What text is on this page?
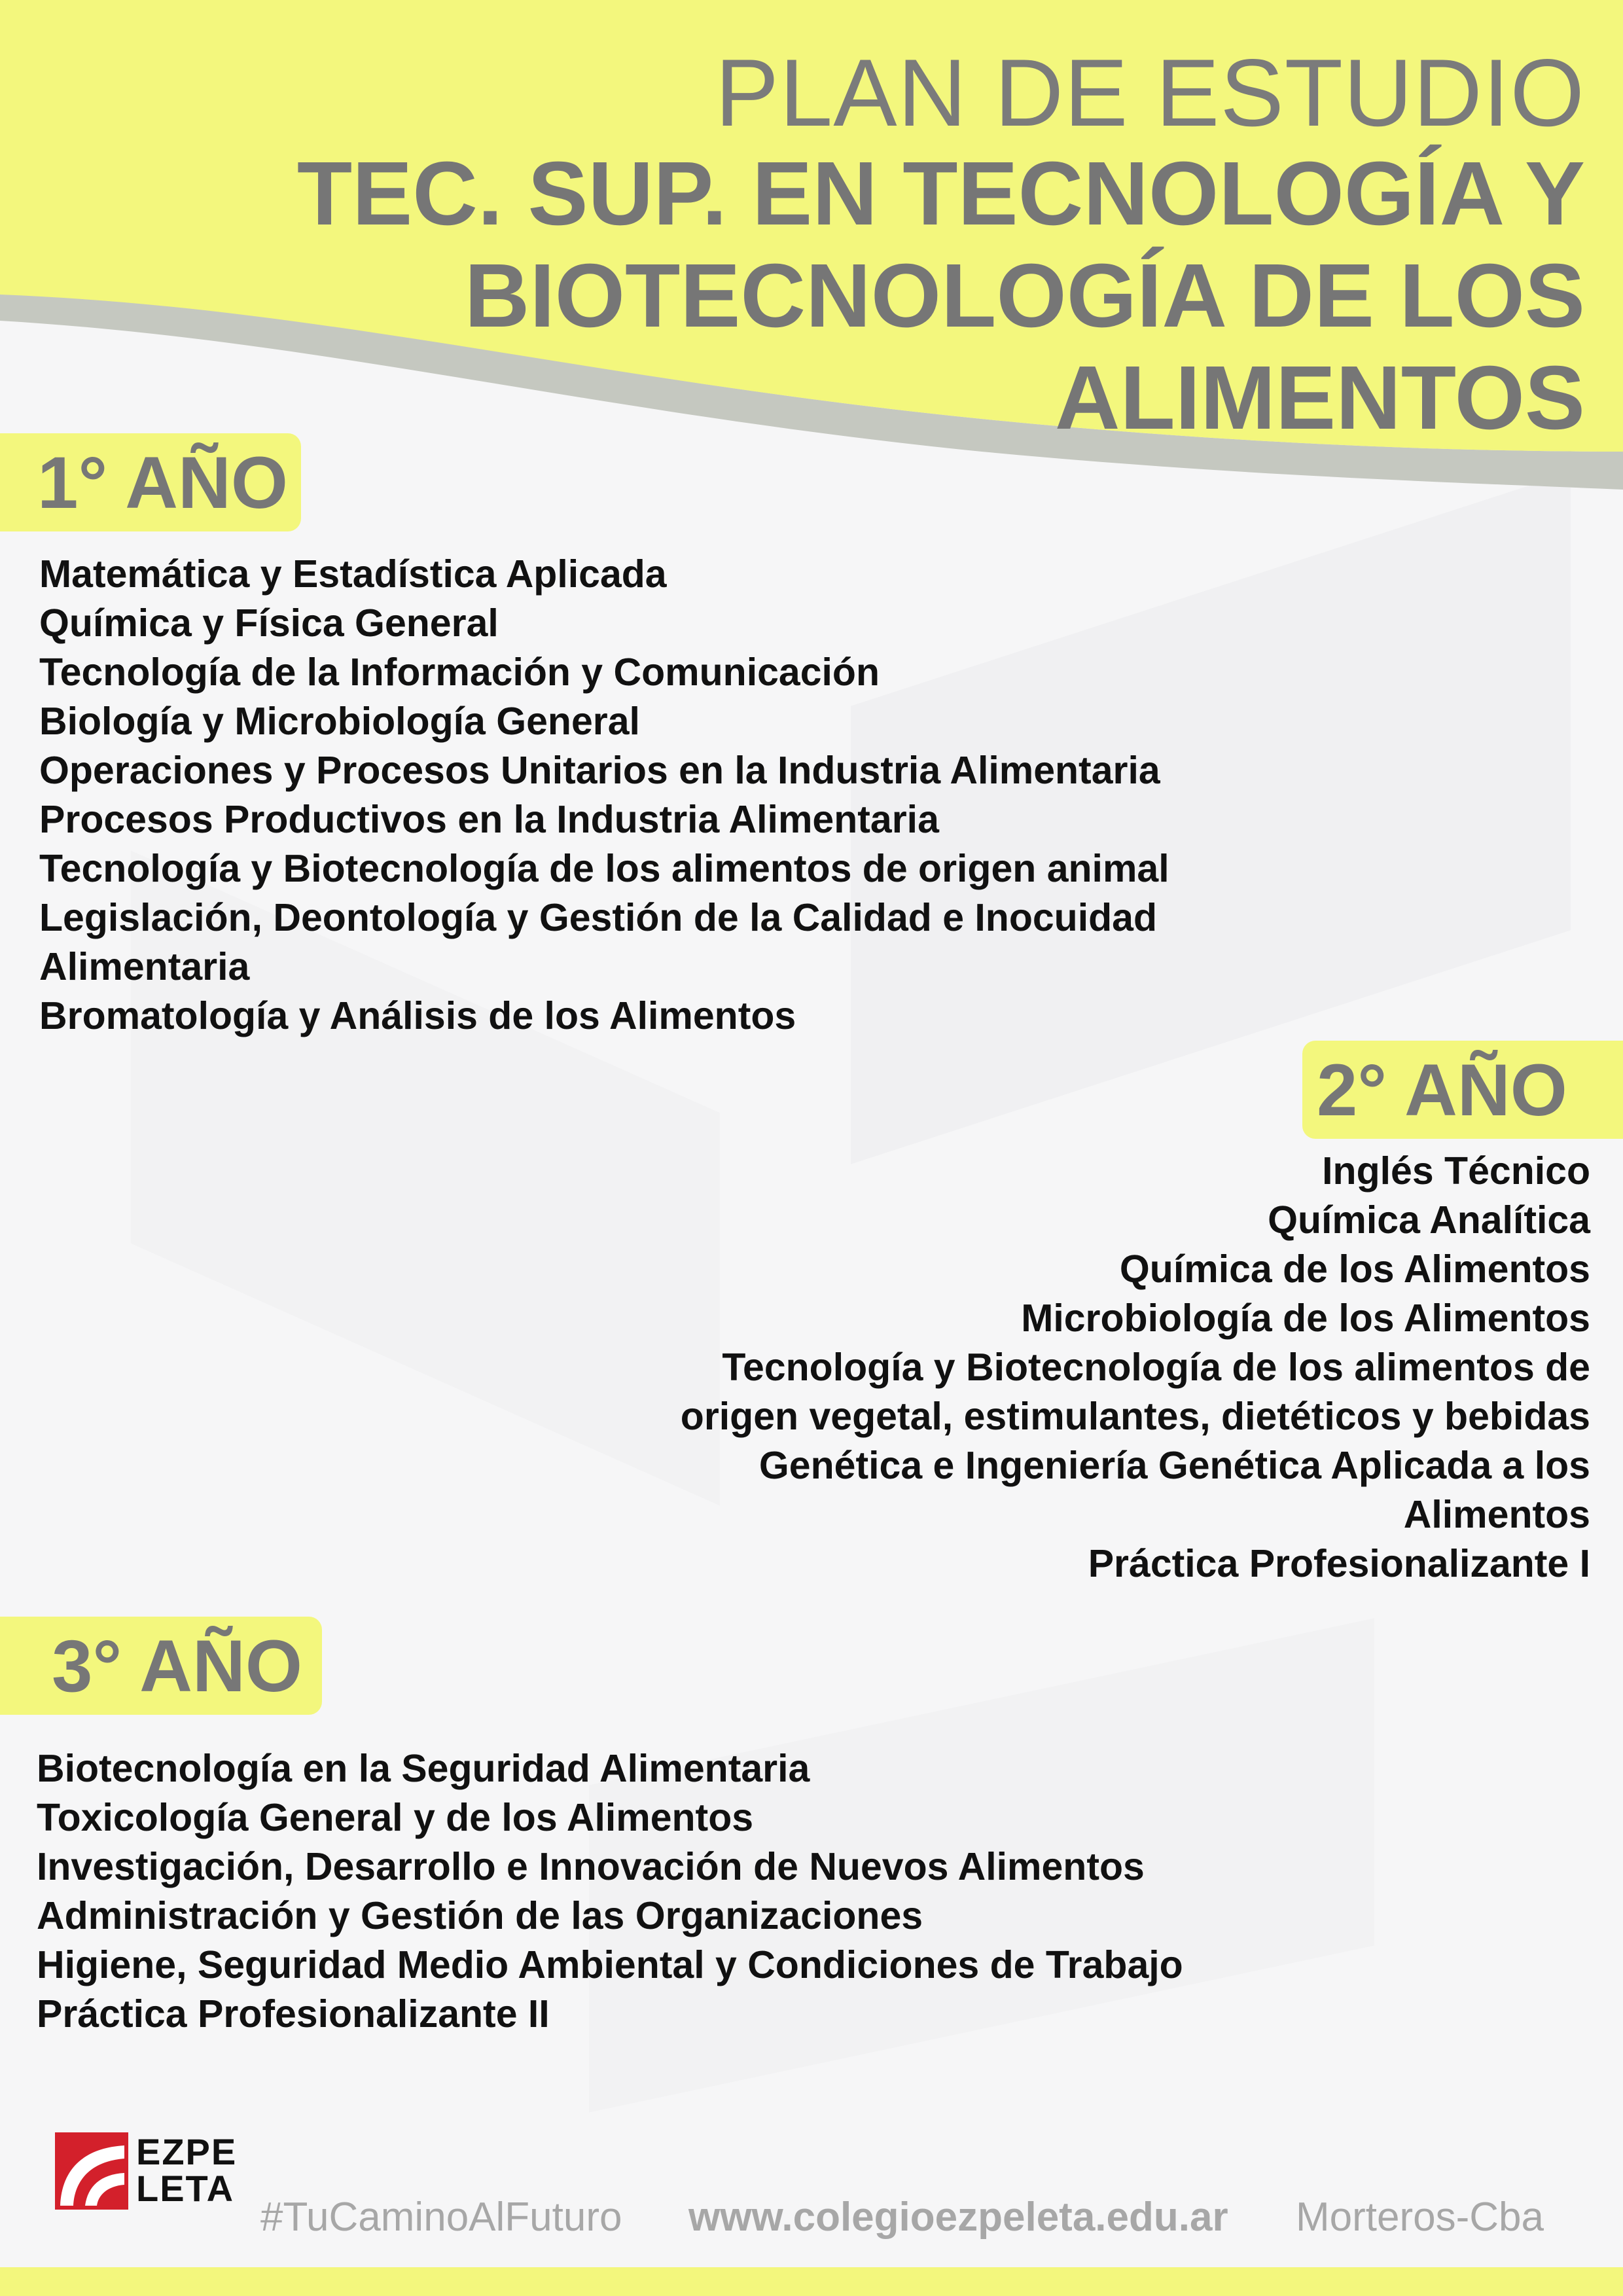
PLAN DE ESTUDIO
TEC. SUP. EN TECNOLOGÍA Y
BIOTECNOLOGÍA DE LOS
ALIMENTOS
1° AÑO
Matemática y Estadística Aplicada
Química y Física General
Tecnología de la Información y Comunicación
Biología y Microbiología General
Operaciones y Procesos Unitarios en la Industria Alimentaria
Procesos Productivos en la Industria Alimentaria
Tecnología y Biotecnología de los alimentos de origen animal
Legislación, Deontología y Gestión de la Calidad e Inocuidad
Alimentaria
Bromatología y Análisis de los Alimentos
2° AÑO
Inglés Técnico
Química Analítica
Química de los Alimentos
Microbiología de los Alimentos
Tecnología y Biotecnología de los alimentos de
origen vegetal, estimulantes, dietéticos y bebidas
Genética e Ingeniería Genética Aplicada a los
Alimentos
Práctica Profesionalizante I
3° AÑO
Biotecnología en la Seguridad Alimentaria
Toxicología General y de los Alimentos
Investigación, Desarrollo e Innovación de Nuevos Alimentos
Administración y Gestión de las Organizaciones
Higiene, Seguridad Medio Ambiental y Condiciones de Trabajo
Práctica Profesionalizante II
EZPE
LETA
#TuCaminoAlFuturo www.colegioezpeleta.edu.ar Morteros-Cba
